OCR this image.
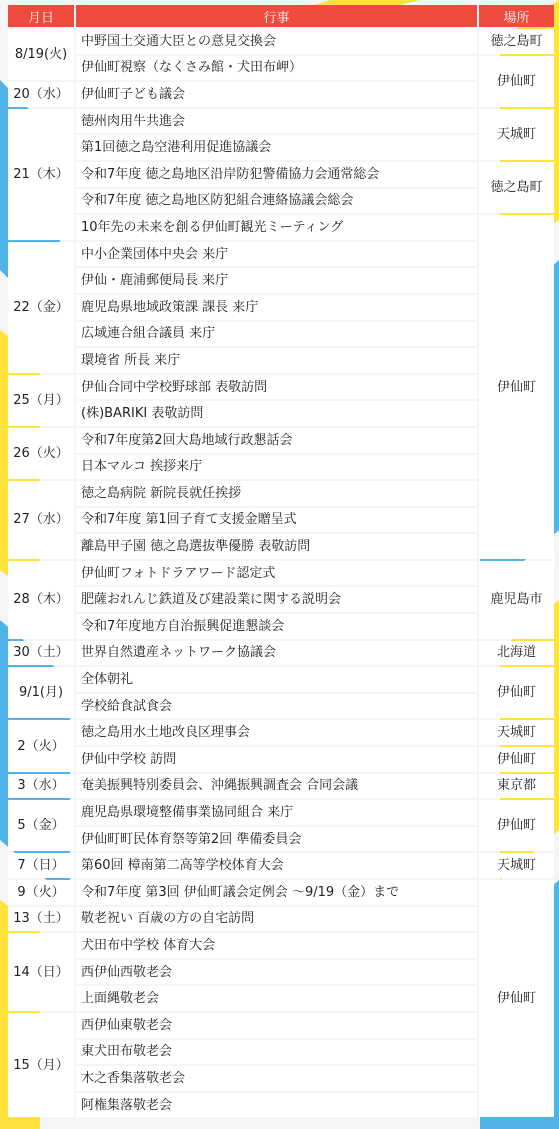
月日	行事	場所
8/19(火)	中野国土交通大臣との意見交換会	徳之島町
	伊仙町視察（なくさみ館・犬田布岬）	伊仙町
20（水）	伊仙町子ども議会	
21（木）	徳州肉用牛共進会	天城町
	第1回徳之島空港利用促進協議会	
	令和7年度 徳之島地区沿岸防犯警備協力会通常総会	徳之島町
	令和7年度 徳之島地区防犯組合連絡協議会総会	
	10年先の未来を創る伊仙町観光ミーティング	伊仙町
22（金）	中小企業団体中央会 来庁	
	伊仙・鹿浦郵便局長 来庁	
	鹿児島県地域政策課 課長 来庁	
	広域連合組合議員 来庁	
	環境省 所長 来庁	
25（月）	伊仙合同中学校野球部 表敬訪問	
	(株)BARIKI 表敬訪問	
26（火）	令和7年度第2回大島地域行政懇話会	
	日本マルコ 挨拶来庁	
27（水）	徳之島病院 新院長就任挨拶	
	令和7年度 第1回子育て支援金贈呈式	
	離島甲子園 徳之島選抜準優勝 表敬訪問	
28（木）	伊仙町フォトドラアワード認定式	鹿児島市
	肥薩おれんじ鉄道及び建設業に関する説明会	
	令和7年度地方自治振興促進懇談会	
30（土）	世界自然遺産ネットワーク協議会	北海道
9/1(月)	全体朝礼	伊仙町
	学校給食試食会	
2（火）	徳之島用水土地改良区理事会	天城町
	伊仙中学校 訪問	伊仙町
3（水）	奄美振興特別委員会、沖縄振興調査会 合同会議	東京都
5（金）	鹿児島県環境整備事業協同組合 来庁	伊仙町
	伊仙町町民体育祭等第2回 準備委員会	
7（日）	第60回 樟南第二高等学校体育大会	天城町
9（火）	令和7年度 第3回 伊仙町議会定例会 ～9/19（金）まで	伊仙町
13（土）	敬老祝い 百歳の方の自宅訪問	
14（日）	犬田布中学校 体育大会	
	西伊仙西敬老会	
	上面縄敬老会	
15（月）	西伊仙東敬老会	
	東犬田布敬老会	
	木之香集落敬老会	
	阿権集落敬老会	
